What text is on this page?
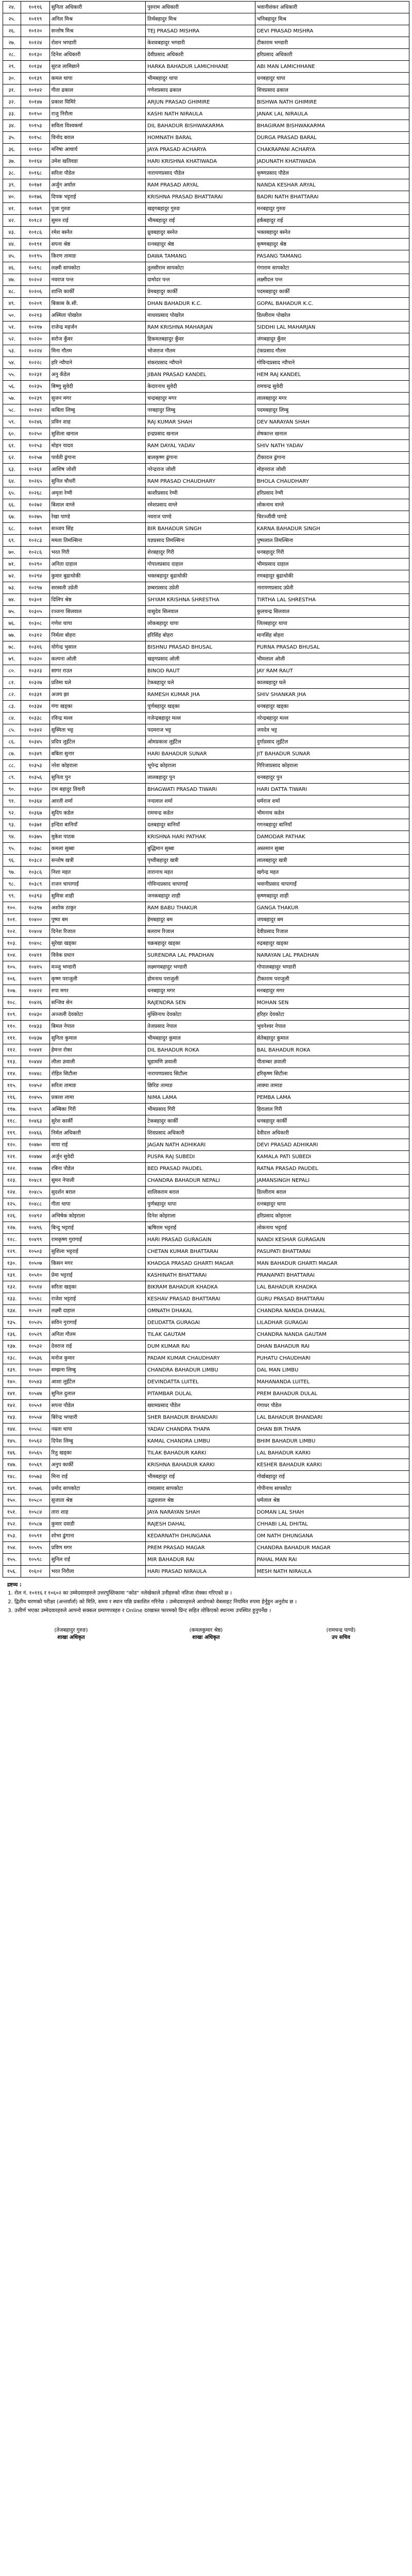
२४.	१०११६	सुनिता अधिकारी	पुरुराम अधिकारी	भवानीशंकर अधिकारी
२५.	१०११९	अनिल मिश्र	तिर्थबहादुर मिश्र	भनिबहादुर मिश्र
२६.	१०१२०	सन्तोष मिश्र	TEJ PRASAD MISHRA	DEVI PRASAD MISHRA
२७.	१०१२४	रोशन भण्डारी	केशवबहादुर भण्डारी	टीकाराम भण्डारी
२८.	१०१३०	दिनेश अधिकारी	देवीप्रसाद अधिकारी	हरिप्रसाद अधिकारी
२९.	१०१३४	सुरज लामिछाने	HARKA BAHADUR LAMICHHANE	ABI MAN LAMICHHANE
३०.	१०१३९	कमल थापा	भीमबहादुर थापा	धनबहादुर थापा
३१.	१०१४२	गीता ढकाल	गणेशप्रसाद ढकाल	शिवप्रसाद ढकाल
३२.	१०१४७	प्रकाश घिमिरे	ARJUN PRASAD GHIMIRE	BISHWA NATH GHIMIRE
३३.	१०१५०	राजु निरौला	KASHI NATH NIRAULA	JANAK LAL NIRAULA
३४.	१०१५३	सविता विश्वकर्मा	DIL BAHADUR BISHWAKARMA	BHAGIRAM BISHWAKARMA
३५.	१०१५८	विनोद बराल	HOMNATH BARAL	DURGA PRASAD BARAL
३६.	१०१६०	मनिषा आचार्य	JAYA PRASAD ACHARYA	CHAKRAPANI ACHARYA
३७.	१०१६४	उमेश खतिवडा	HARI KRISHNA KHATIWADA	JADUNATH KHATIWADA
३८.	१०१६८	सरिता पौडेल	नारायणप्रसाद पौडेल	कृष्णप्रसाद पौडेल
३९.	१०१७१	अर्जुन अर्याल	RAM PRASAD ARYAL	NANDA KESHAR ARYAL
४०.	१०१७६	दिपक भट्टराई	KRISHNA PRASAD BHATTARAI	BADRI NATH BHATTARAI
४१.	१०१७९	पुजा गुरुङ	खड्गबहादुर गुरुङ	मनबहादुर गुरुङ
४२.	१०१८२	सुमन राई	भीमबहादुर राई	हर्कबहादुर राई
४३.	१०१८६	रमेश बस्नेत	ध्रुवबहादुर बस्नेत	भक्तबहादुर बस्नेत
४४.	१०१९१	सपना श्रेष्ठ	रत्नबहादुर श्रेष्ठ	कृष्णबहादुर श्रेष्ठ
४५.	१०१९५	किरण तामाङ	DAWA TAMANG	PASANG TAMANG
४६.	१०१९८	लक्ष्मी सापकोटा	तुलसीराम सापकोटा	गंगाराम सापकोटा
४७.	१०२०२	नवराज पन्त	दामोदर पन्त	लक्ष्मीदत्त पन्त
४८.	१०२०६	शान्ति कार्की	प्रेमबहादुर कार्की	पदमबहादुर कार्की
४९.	१०२०९	बिकास के.सी.	DHAN BAHADUR K.C.	GOPAL BAHADUR K.C.
५०.	१०२१३	अस्मिता पोखरेल	माधवप्रसाद पोखरेल	डिल्लीराम पोखरेल
५१.	१०२१७	राजेन्द्र महर्जन	RAM KRISHNA MAHARJAN	SIDDHI LAL MAHARJAN
५२.	१०२२०	सरोज कुँवर	हिकमतबहादुर कुँवर	जंगबहादुर कुँवर
५३.	१०२२४	मिना गौतम	भोजराज गौतम	टंकप्रसाद गौतम
५४.	१०२२८	हरि न्यौपाने	शंकरप्रसाद न्यौपाने	गोविन्दप्रसाद न्यौपाने
५५.	१०२३१	अनु कँडेल	JIBAN PRASAD KANDEL	HEM RAJ KANDEL
५६.	१०२३५	बिष्णु सुवेदी	केदारनाथ सुवेदी	रामचन्द्र सुवेदी
५७.	१०२३९	सुजन मगर	चन्द्रबहादुर मगर	लालबहादुर मगर
५८.	१०२४२	कबिता लिम्बु	नरबहादुर लिम्बु	पदमबहादुर लिम्बु
५९.	१०२४६	प्रविन शाह	RAJ KUMAR SHAH	DEV NARAYAN SHAH
६०.	१०२५०	सुशिला खनाल	इन्द्रप्रसाद खनाल	शेषकान्त खनाल
६१.	१०२५३	मोहन यादव	RAM DAYAL YADAV	SHIV NATH YADAV
६२.	१०२५७	पार्वती ढुंगाना	बालकृष्ण ढुंगाना	टीकादत्त ढुंगाना
६३.	१०२६१	आशिष जोशी	नरेन्द्रराज जोशी	मोहनराज जोशी
६४.	१०२६५	सुनिल चौधरी	RAM PRASAD CHAUDHARY	BHOLA CHAUDHARY
६५.	१०२६८	अमृता रेग्मी	काशीप्रसाद रेग्मी	हरिप्रसाद रेग्मी
६६.	१०२७२	बिशाल वाग्ले	रमेशप्रसाद वाग्ले	लोकनाथ वाग्ले
६७.	१०२७५	रेखा पाण्डे	नवराज पाण्डे	चिरञ्जीवी पाण्डे
६८.	१०२७९	सञ्जय सिंह	BIR BAHADUR SINGH	KARNA BAHADUR SINGH
६९.	१०२८३	ममता तिमल्सिना	यज्ञप्रसाद तिमल्सिना	पुष्पलाल तिमल्सिना
७०.	१०२८६	भरत गिरी	शेरबहादुर गिरी	धनबहादुर गिरी
७१.	१०२९०	अनिता दाहाल	गोपालप्रसाद दाहाल	भीमप्रसाद दाहाल
७२.	१०२९४	कुमार बुढाथोकी	भक्तबहादुर बुढाथोकी	रणबहादुर बुढाथोकी
७३.	१०२९७	सरस्वती उप्रेती	डम्बरप्रसाद उप्रेती	नारायणप्रसाद उप्रेती
७४.	१०३०१	दिलिप श्रेष्ठ	SHYAM KRISHNA SHRESTHA	TIRTHA LAL SHRESTHA
७५.	१०३०५	रञ्जना सिलवाल	वासुदेव सिलवाल	कुलचन्द्र सिलवाल
७६.	१०३०८	गणेश थापा	लोकबहादुर थापा	जितबहादुर थापा
७७.	१०३१२	निर्मला बोहरा	हरिसिंह बोहरा	मानसिंह बोहरा
७८.	१०३१६	योगेन्द्र भुसाल	BISHNU PRASAD BHUSAL	PURNA PRASAD BHUSAL
७९.	१०३२०	कल्पना ओली	खड्गप्रसाद ओली	भीमलाल ओली
८०.	१०३२३	सागर राउत	BINOD RAUT	JAY RAM RAUT
८१.	१०३२७	प्रतिमा घले	टेकबहादुर घले	कालबहादुर घले
८२.	१०३३१	अजय झा	RAMESH KUMAR JHA	SHIV SHANKAR JHA
८३.	१०३३४	गंगा खड्का	पूर्णबहादुर खड्का	धनबहादुर खड्का
८४.	१०३३८	रविन्द्र मल्ल	गजेन्द्रबहादुर मल्ल	नरेन्द्रबहादुर मल्ल
८५.	१०३४२	सुस्मिता भट्ट	पदमराज भट्ट	जयदेव भट्ट
८६.	१०३४५	प्रदिप लुइँटेल	ओमप्रकाश लुइँटेल	दुर्गाप्रसाद लुइँटेल
८७.	१०३४९	बबिता सुनार	HARI BAHADUR SUNAR	JIT BAHADUR SUNAR
८८.	१०३५३	नरेश कोइराला	भूपेन्द्र कोइराला	गिरिजाप्रसाद कोइराला
८९.	१०३५६	सुनिता पुन	लालबहादुर पुन	धनबहादुर पुन
९०.	१०३६०	राम बहादुर तिवारी	BHAGWATI PRASAD TIWARI	HARI DATTA TIWARI
९१.	१०३६४	आरती शर्मा	नन्दलाल शर्मा	धर्मराज शर्मा
९२.	१०३६७	सुदिप कडेल	रामचन्द्र कडेल	भीमनाथ कडेल
९३.	१०३७१	इन्दिरा बानियाँ	दलबहादुर बानियाँ	गगनबहादुर बानियाँ
९४.	१०३७५	मुकेश पाठक	KRISHNA HARI PATHAK	DAMODAR PATHAK
९५.	१०३७८	कमला सुब्बा	बुद्धिमान सुब्बा	अस्तमान सुब्बा
९६.	१०३८२	सन्तोष खत्री	पृथ्वीबहादुर खत्री	लालबहादुर खत्री
९७.	१०३८६	निशा महत	तारानाथ महत	खगेन्द्र महत
९८.	१०३८९	राजन चापागाईं	गोविन्दप्रसाद चापागाईं	भवानीप्रसाद चापागाईं
९९.	१०३९३	सुमित्रा शाही	जनकबहादुर शाही	कृष्णबहादुर शाही
१००.	१०३९७	अशोक ठाकुर	RAM BABU THAKUR	GANGA THAKUR
१०१.	१०४००	पुष्पा बम	हेमबहादुर बम	जयबहादुर बम
१०२.	१०४०४	दिनेश रिजाल	बलराम रिजाल	देवीप्रसाद रिजाल
१०३.	१०४०८	सुरेखा खड्का	चक्रबहादुर खड्का	रुद्रबहादुर खड्का
१०४.	१०४११	विवेक प्रधान	SURENDRA LAL PRADHAN	NARAYAN LAL PRADHAN
१०५.	१०४१५	मञ्जु भण्डारी	लक्ष्मणबहादुर भण्डारी	गोपालबहादुर भण्डारी
१०६.	१०४१९	कृष्ण पराजुली	होमनाथ पराजुली	टीकाराम पराजुली
१०७.	१०४२२	रुपा मगर	धनबहादुर मगर	मनबहादुर मगर
१०८.	१०४२६	सन्जिव सेन	RAJENDRA SEN	MOHAN SEN
१०९.	१०४३०	अञ्जली देवकोटा	मुक्तिनाथ देवकोटा	हरिहर देवकोटा
११०.	१०४३३	बिमल नेपाल	तेजप्रसाद नेपाल	भुवनेश्वर नेपाल
१११.	१०४३७	सुनिता कुमाल	भीमबहादुर कुमाल	सेतेबहादुर कुमाल
११२.	१०४४१	हेमन्त रोका	DIL BAHADUR ROKA	BAL BAHADUR ROKA
११३.	१०४४४	लीला ज्ञवाली	चूडामणि ज्ञवाली	पीताम्बर ज्ञवाली
११४.	१०४४८	रोहित सिटौला	नारायणप्रसाद सिटौला	हरिकृष्ण सिटौला
११५.	१०४५२	सरिता तामाङ	छिरिङ तामाङ	लाक्पा तामाङ
११६.	१०४५५	प्रकाश लामा	NIMA LAMA	PEMBA LAMA
११७.	१०४५९	अम्बिका गिरी	भीमप्रसाद गिरी	हिरालाल गिरी
११८.	१०४६३	सुरेश कार्की	टेकबहादुर कार्की	धनबहादुर कार्की
११९.	१०४६६	निर्मल अधिकारी	शिवप्रसाद अधिकारी	देवीदत्त अधिकारी
१२०.	१०४७०	माया राई	JAGAN NATH ADHIKARI	DEVI PRASAD ADHIKARI
१२१.	१०४७४	अर्जुन सुवेदी	PUSPA RAJ SUBEDI	KAMALA PATI SUBEDI
१२२.	१०४७७	रबिना पौडेल	BED PRASAD PAUDEL	RATNA PRASAD PAUDEL
१२३.	१०४८१	सुमन नेपाली	CHANDRA BAHADUR NEPALI	JAMANSINGH NEPALI
१२४.	१०४८५	सुदर्शन बराल	शालिकराम बराल	डिल्लीराम बराल
१२५.	१०४८८	गीता थापा	पुर्णबहादुर थापा	रत्नबहादुर थापा
१२६.	१०४९२	अभिषेक कोइराला	दिनेश कोइराला	हरिप्रसाद कोइराला
१२७.	१०४९६	बिन्दु भट्टराई	ऋषिराम भट्टराई	लोकनाथ भट्टराई
१२८.	१०४९९	रामकृष्ण गुरागाईं	HARI PRASAD GURAGAIN	NANDI KESHAR GURAGAIN
१२९.	१०५०३	सुशिला भट्टराई	CHETAN KUMAR BHATTARAI	PASUPATI BHATTARAI
१३०.	१०५०७	किसन मगर	KHADGA PRASAD GHARTI MAGAR	MAN BAHADUR GHARTI MAGAR
१३१.	१०५१०	प्रेमा भट्टराई	KASHINATH BHATTARAI	PRANAPATI BHATTARAI
१३२.	१०५१४	सरिता खड्का	BIKRAM BAHADUR KHADKA	LAL BAHADUR KHADKA
१३३.	१०५१८	राजेश भट्टराई	KESHAV PRASAD BHATTARAI	GURU PRASAD BHATTARAI
१३४.	१०५२१	लक्ष्मी दाहाल	OMNATH DHAKAL	CHANDRA NANDA DHAKAL
१३५.	१०५२५	सविन गुरागाईं	DEUDATTA GURAGAI	LILADHAR GURAGAI
१३६.	१०५२९	अनिता गौतम	TILAK GAUTAM	CHANDRA NANDA GAUTAM
१३७.	१०५३२	देवराज राई	DUM KUMAR RAI	DHAN BAHADUR RAI
१३८.	१०५३६	मनोज कुमार	PADAM KUMAR CHAUDHARY	PUHATU CHAUDHARI
१३९.	१०५४०	सम्झना लिम्बु	CHANDRA BAHADUR LIMBU	DAL MAN LIMBU
१४०.	१०५४३	आशा लुइँटेल	DEVINDATTA LUITEL	MAHANANDA LUITEL
१४१.	१०५४७	सुनिल दुलाल	PITAMBAR DULAL	PREM BAHADUR DULAL
१४२.	१०५५१	सपना पौडेल	ख्यामप्रसाद पौडेल	गंगाधर पौडेल
१४३.	१०५५४	बिरेन्द्र भण्डारी	SHER BAHADUR BHANDARI	LAL BAHADUR BHANDARI
१४४.	१०५५८	नम्रता थापा	YADAV CHANDRA THAPA	DHAN BIR THAPA
१४५.	१०५६२	दिपेश लिम्बु	KAMAL CHANDRA LIMBU	BHIM BAHADUR LIMBU
१४६.	१०५६५	रितु खड्का	TILAK BAHADUR KARKI	LAL BAHADUR KARKI
१४७.	१०५६९	अनुप कार्की	KRISHNA BAHADUR KARKI	KESHER BAHADUR KARKI
१४८.	१०५७३	मिना राई	भीमबहादुर राई	गोर्खबहादुर राई
१४९.	१०५७६	प्रमोद सापकोटा	रामप्रसाद सापकोटा	गोपीनाथ सापकोटा
१५०.	१०५८०	सुजाता श्रेष्ठ	उद्धवलाल श्रेष्ठ	धर्मलाल श्रेष्ठ
१५१.	१०५८४	तारा शाह	JAYA NARAYAN SHAH	DOMAN LAL SHAH
१५२.	१०५८७	कुमार दवाडी	RAJESH DAHAL	CHHABI LAL DHITAL
१५३.	१०५९१	शोभा ढुंगाना	KEDARNATH DHUNGANA	OM NATH DHUNGANA
१५४.	१०५९५	प्रविण मगर	PREM PRASAD MAGAR	CHANDRA BAHADUR MAGAR
१५५.	१०५९८	सुनिल राई	MIR BAHADUR RAI	PAHAL MAN RAI
१५६.	१०६०२	भरत निरौला	HARI PRASAD NIRAULA	MESH NATH NIRAULA
द्रष्टव्य :
1. रोल नं. १०११६ र १०६०२ का उम्मेदवारहरुले उत्तरपुस्तिकामा "कोड" नलेखेकाले उनीहरुको नतिजा रोक्का गरिएको छ ।
2. द्वितीय चरणको परीक्षा (अन्तर्वार्ता) को मिति, समय र स्थान पछि प्रकाशित गरिनेछ । उम्मेदवारहरुले आयोगको वेबसाइट नियमित रुपमा हेर्नुहुन अनुरोध छ ।
3. उत्तीर्ण भएका उम्मेदवारहरुले आफ्नो सक्कल प्रमाणपत्रहरु र Online दरखास्त फारमको प्रिन्ट सहित तोकिएको स्थानमा उपस्थित हुनुपर्नेछ ।
(तेजबहादुर गुरुङ)
शाखा अधिकृत
(कमलकुमार श्रेष्ठ)
शाखा अधिकृत
(रामचन्द्र पाण्डे)
उप सचिव
